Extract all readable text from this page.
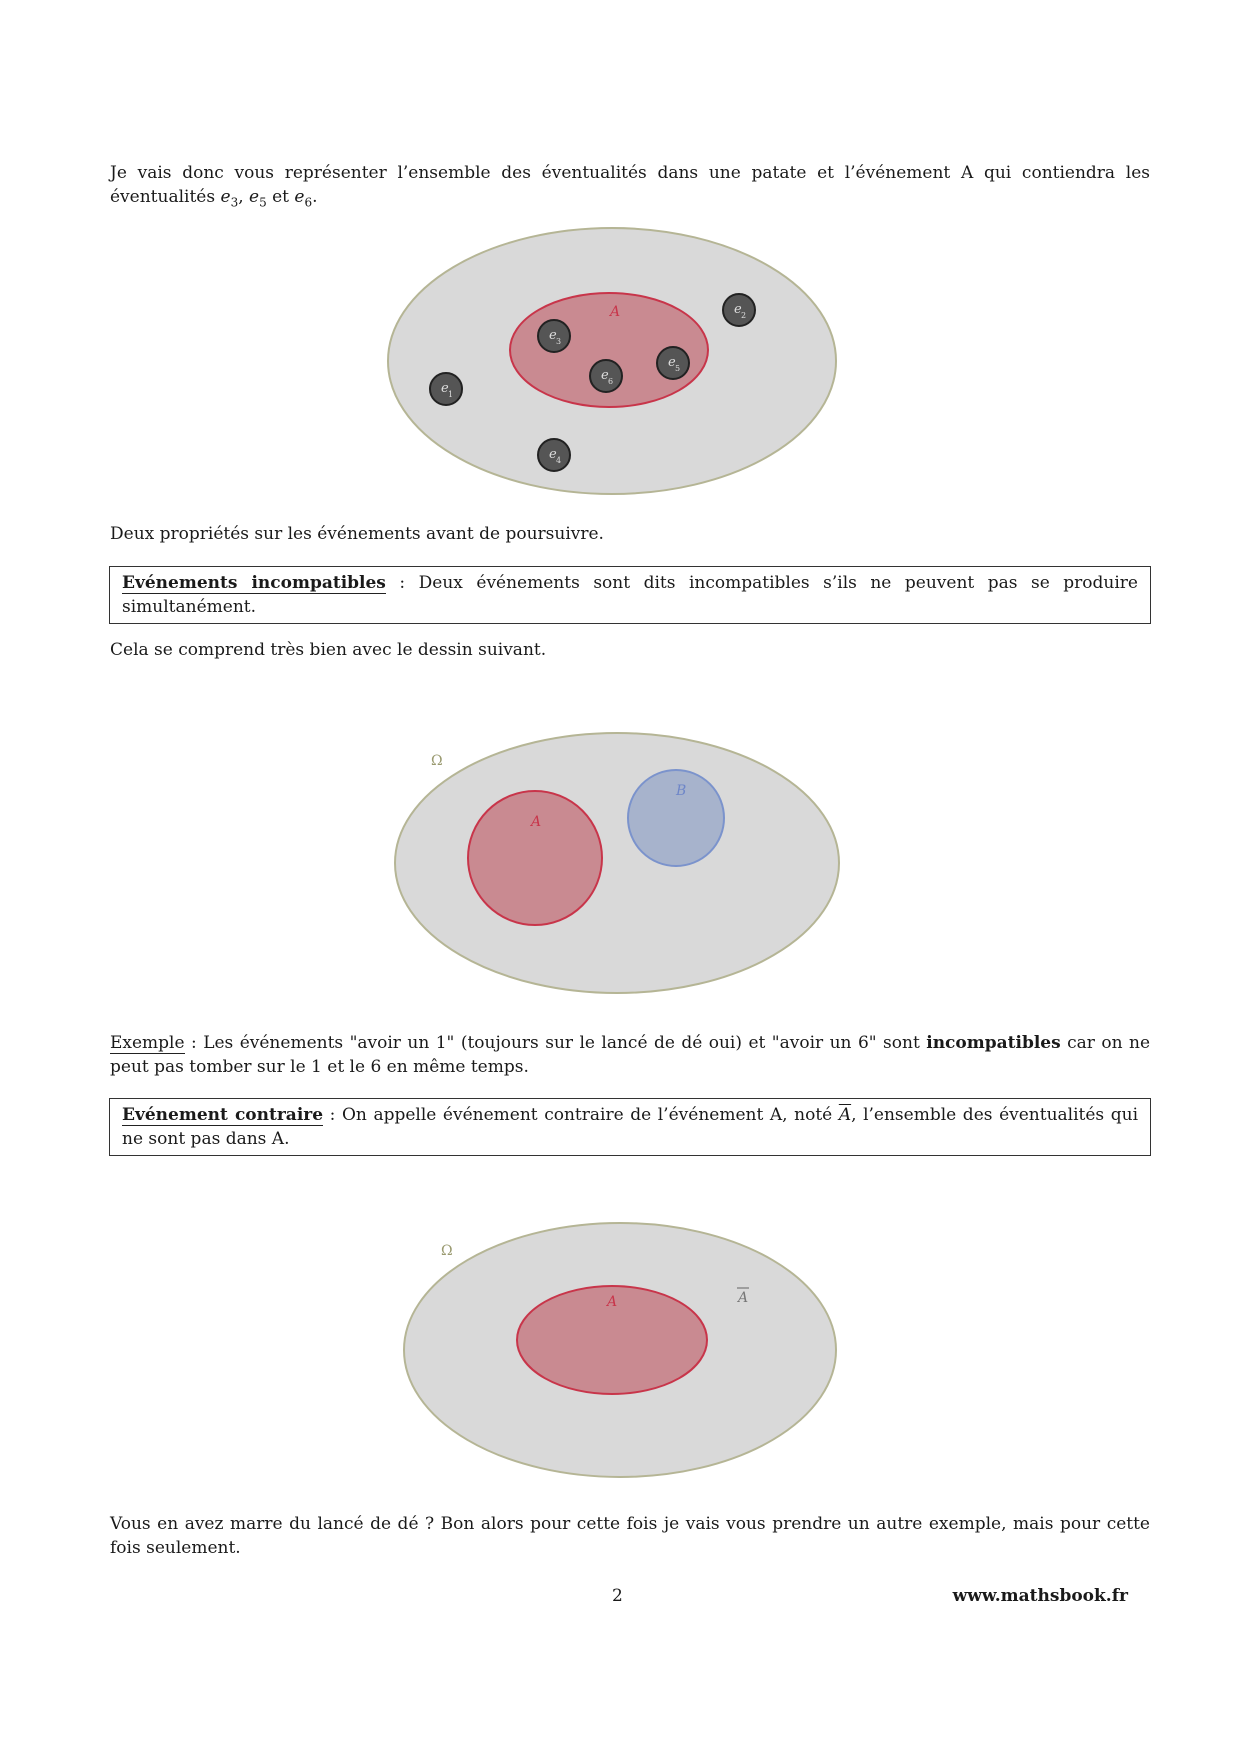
Je vais donc vous représenter l’ensemble des éventualités dans une patate et l’événement A qui contiendra les éventualités $e_3$, $e_5$ et $e_6$.
A
e 1
e 2
e 3
e 4
e 5
e 6
Deux propriétés sur les événements avant de poursuivre.
Evénements incompatibles : Deux événements sont dits incompatibles s’ils ne peuvent pas se produire simultanément.
Cela se comprend très bien avec le dessin suivant.
Ω
A
B
Exemple : Les événements "avoir un 1" (toujours sur le lancé de dé oui) et "avoir un 6" sont incompatibles car on ne peut pas tomber sur le 1 et le 6 en même temps.
Evénement contraire : On appelle événement contraire de l’événement A, noté $\overline{A}$, l’ensemble des éventualités qui ne sont pas dans A.
Ω
A	A
Vous en avez marre du lancé de dé ? Bon alors pour cette fois je vais vous prendre un autre exemple, mais pour cette fois seulement.
2	www.mathsbook.fr
